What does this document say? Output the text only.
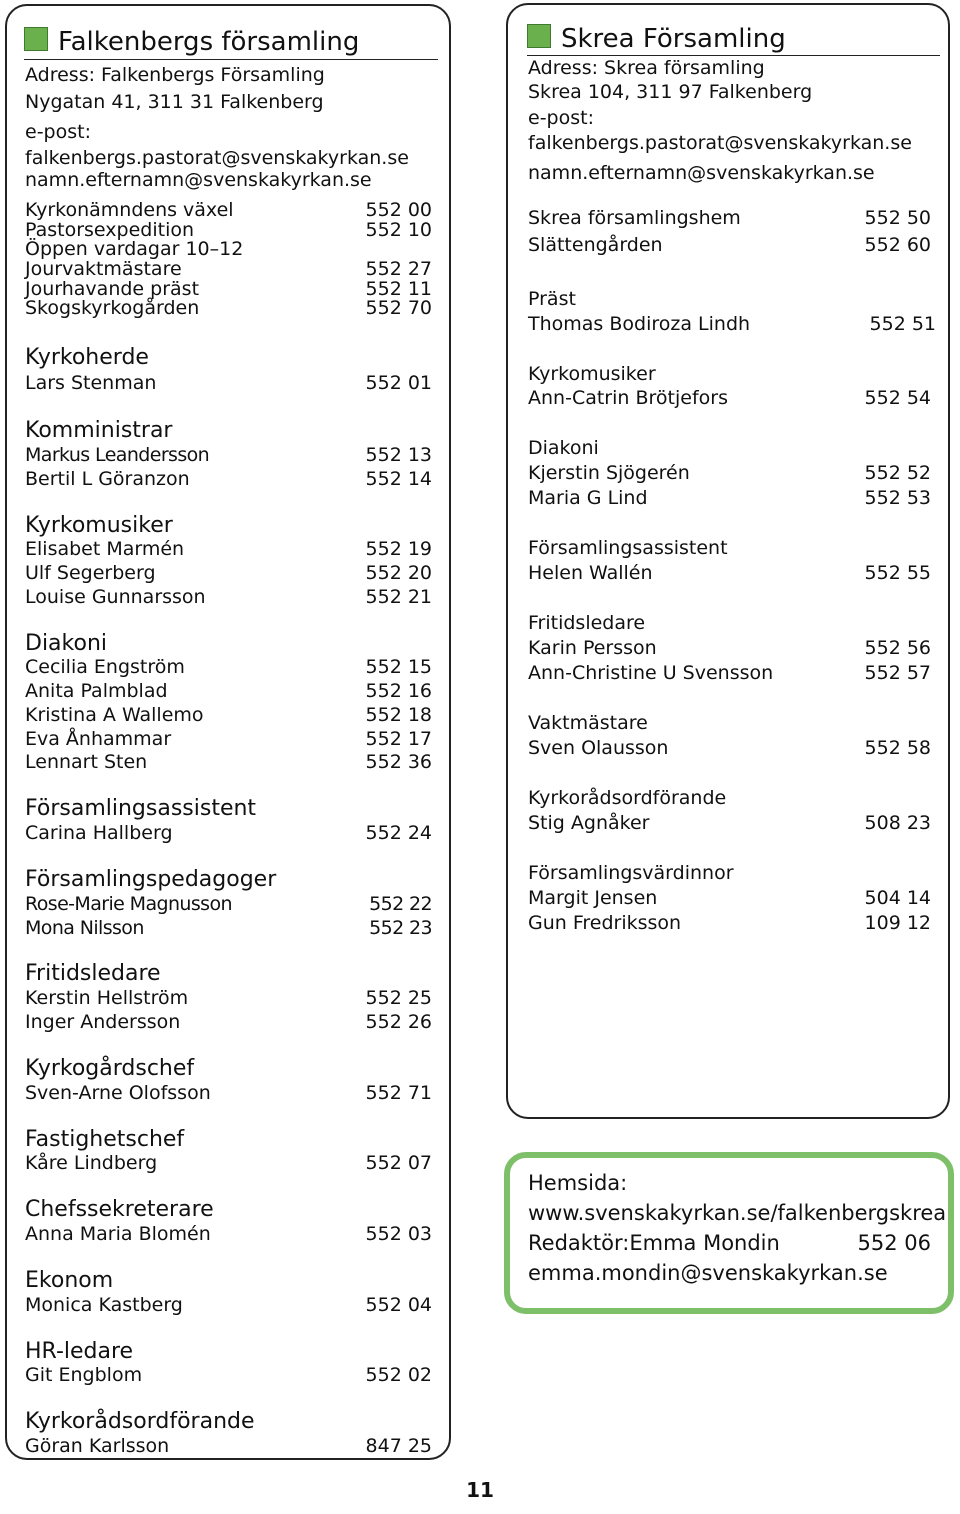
Falkenbergs församling
Adress: Falkenbergs Församling
Nygatan 41, 311 31 Falkenberg
e-post:
falkenbergs.pastorat@svenskakyrkan.se
namn.efternamn@svenskakyrkan.se
Kyrkonämndens växel	552 00
Pastorsexpedition	552 10
Öppen vardagar 10–12
Jourvaktmästare	552 27
Jourhavande präst	552 11
Skogskyrkogården	552 70
Kyrkoherde
Lars Stenman	552 01
Komministrar
Markus Leandersson	552 13
Bertil L Göranzon	552 14
Kyrkomusiker
Elisabet Marmén	552 19
Ulf Segerberg	552 20
Louise Gunnarsson	552 21
Diakoni
Cecilia Engström	552 15
Anita Palmblad	552 16
Kristina A Wallemo	552 18
Eva Ånhammar	552 17
Lennart Sten	552 36
Församlingsassistent
Carina Hallberg	552 24
Församlingspedagoger
Rose-Marie Magnusson	552 22
Mona Nilsson	552 23
Fritidsledare
Kerstin Hellström	552 25
Inger Andersson	552 26
Kyrkogårdschef
Sven-Arne Olofsson	552 71
Fastighetschef
Kåre Lindberg	552 07
Chefssekreterare
Anna Maria Blomén	552 03
Ekonom
Monica Kastberg	552 04
HR-ledare
Git Engblom	552 02
Kyrkorådsordförande
Göran Karlsson	847 25
Skrea Församling
Adress: Skrea församling
Skrea 104, 311 97 Falkenberg
e-post:
falkenbergs.pastorat@svenskakyrkan.se
namn.efternamn@svenskakyrkan.se
Skrea församlingshem	552 50
Slättengården	552 60
Präst
Thomas Bodiroza Lindh	552 51
Kyrkomusiker
Ann-Catrin Brötjefors	552 54
Diakoni
Kjerstin Sjögerén	552 52
Maria G Lind	552 53
Församlingsassistent
Helen Wallén	552 55
Fritidsledare
Karin Persson	552 56
Ann-Christine U Svensson	552 57
Vaktmästare
Sven Olausson	552 58
Kyrkorådsordförande
Stig Agnåker	508 23
Församlingsvärdinnor
Margit Jensen	504 14
Gun Fredriksson	109 12
Hemsida:
www.svenskakyrkan.se/falkenbergskrea
Redaktör:Emma Mondin	552 06
emma.mondin@svenskakyrkan.se
11
